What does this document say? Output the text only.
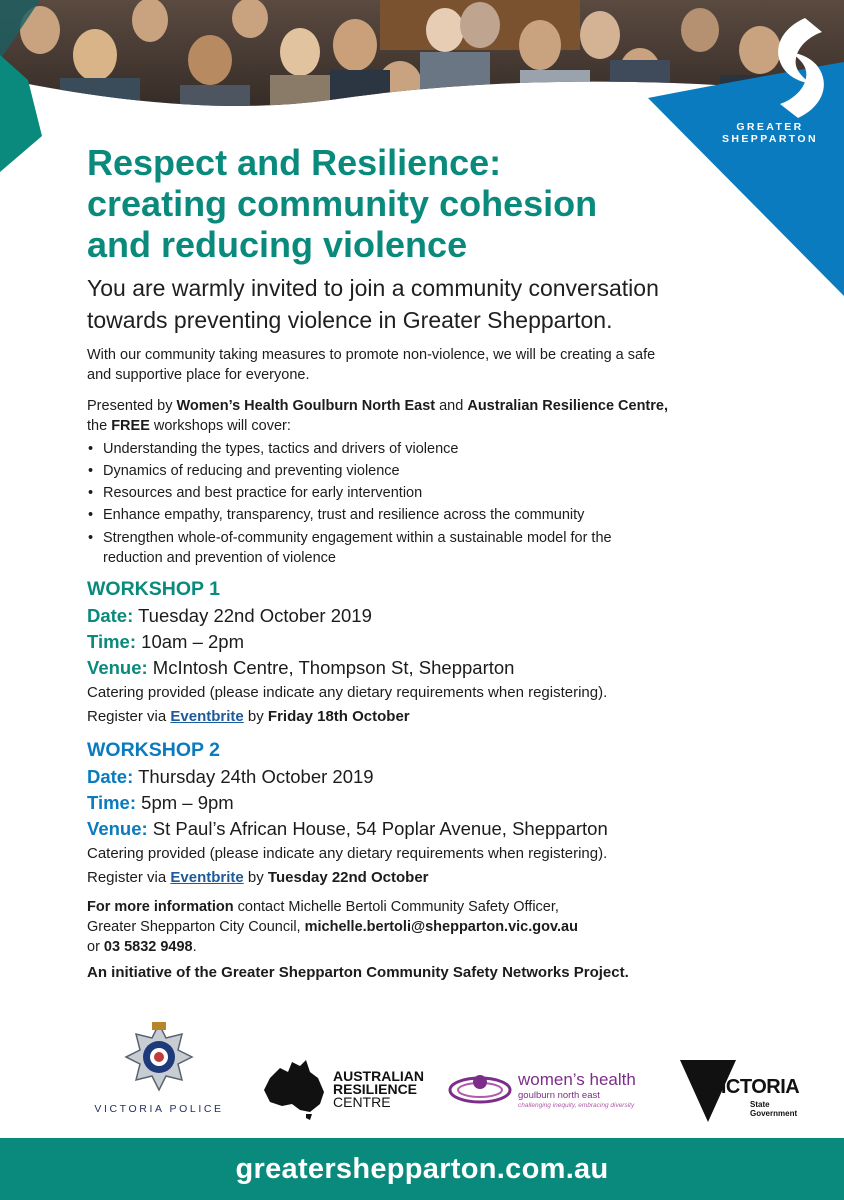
GREATER
SHEPPARTON
Respect and Resilience:
creating community cohesion
and reducing violence
You are warmly invited to join a community conversation
towards preventing violence in Greater Shepparton.
With our community taking measures to promote non-violence, we will be creating a safe
and supportive place for everyone.
Presented by Women’s Health Goulburn North East and Australian Resilience Centre,
the FREE workshops will cover:
• Understanding the types, tactics and drivers of violence
• Dynamics of reducing and preventing violence
• Resources and best practice for early intervention
• Enhance empathy, transparency, trust and resilience across the community
• Strengthen whole-of-community engagement within a sustainable model for the
reduction and prevention of violence
WORKSHOP 1
Date: Tuesday 22nd October 2019
Time: 10am – 2pm
Venue: McIntosh Centre, Thompson St, Shepparton
Catering provided (please indicate any dietary requirements when registering).
Register via Eventbrite by Friday 18th October
WORKSHOP 2
Date: Thursday 24th October 2019
Time: 5pm – 9pm
Venue: St Paul’s African House, 54 Poplar Avenue, Shepparton
Catering provided (please indicate any dietary requirements when registering).
Register via Eventbrite by Tuesday 22nd October
For more information contact Michelle Bertoli Community Safety Officer,
Greater Shepparton City Council, michelle.bertoli@shepparton.vic.gov.au
or 03 5832 9498.
An initiative of the Greater Shepparton Community Safety Networks Project.
VICTORIA POLICE
AUSTRALIAN
RESILIENCE
CENTRE
women’s health
goulburn north east
challenging inequity, embracing diversity
VICTORIA
State
Government
greatershepparton.com.au
